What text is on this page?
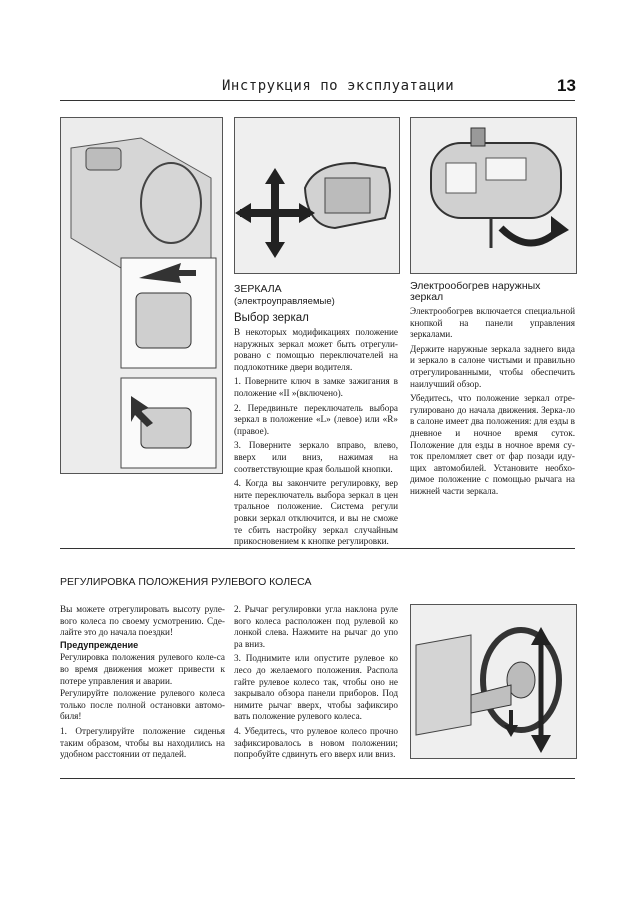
Инструкция по эксплуатации	13
ЗЕРКАЛА
(электроуправляемые)
Выбор зеркал

В некоторых модификациях положение наружных зеркал может быть отрегули-ровано с помощью переключателей на подлокотнике двери водителя.

1. Поверните ключ в замке зажигания в положение «II »(включено).

2. Передвиньте переключатель выбора зеркал в положение «L» (левое) или «R» (правое).

3. Поверните зеркало вправо, влево, вверх или вниз, нажимая на соответствующие края большой кнопки.

4. Когда вы закончите регулировку, вер ните переключатель выбора зеркал в цен тральное положение. Система регули ровки зеркал отключится, и вы не сможе те сбить настройку зеркал случайным прикосновением к кнопке регулировки.

Электрообогрев наружных зеркал

Электрообогрев включается специальной кнопкой на панели управления зеркалами.

Держите наружные зеркала заднего вида и зеркало в салоне чистыми и правильно отрегулированными, чтобы обеспечить наилучший обзор.

Убедитесь, что положение зеркал отре-гулировано до начала движения. Зерка-ло в салоне имеет два положения: для езды в дневное и ночное время суток. Положение для езды в ночное время су-ток преломляет свет от фар позади иду-щих автомобилей. Установите необхо-димое положение с помощью рычага на нижней части зеркала.

РЕГУЛИРОВКА ПОЛОЖЕНИЯ РУЛЕВОГО КОЛЕСА

Вы можете отрегулировать высоту руле-вого колеса по своему усмотрению. Сде-лайте это до начала поездки!

Предупреждение

Регулировка положения рулевого коле-са во время движения может привести к потере управления и аварии.

Регулируйте положение рулевого колеса только после полной остановки автомо-биля!

1. Отрегулируйте положение сиденья таким образом, чтобы вы находились на удобном расстоянии от педалей.

2. Рычаг регулировки угла наклона руле вого колеса расположен под рулевой ко лонкой слева. Нажмите на рычаг до упо ра вниз.

3. Поднимите или опустите рулевое ко лесо до желаемого положения. Распола гайте рулевое колесо так, чтобы оно не закрывало обзора панели приборов. Под нимите рычаг вверх, чтобы зафиксиро вать положение рулевого колеса.

4. Убедитесь, что рулевое колесо прочно зафиксировалось в новом положении; попробуйте сдвинуть его вверх или вниз.
